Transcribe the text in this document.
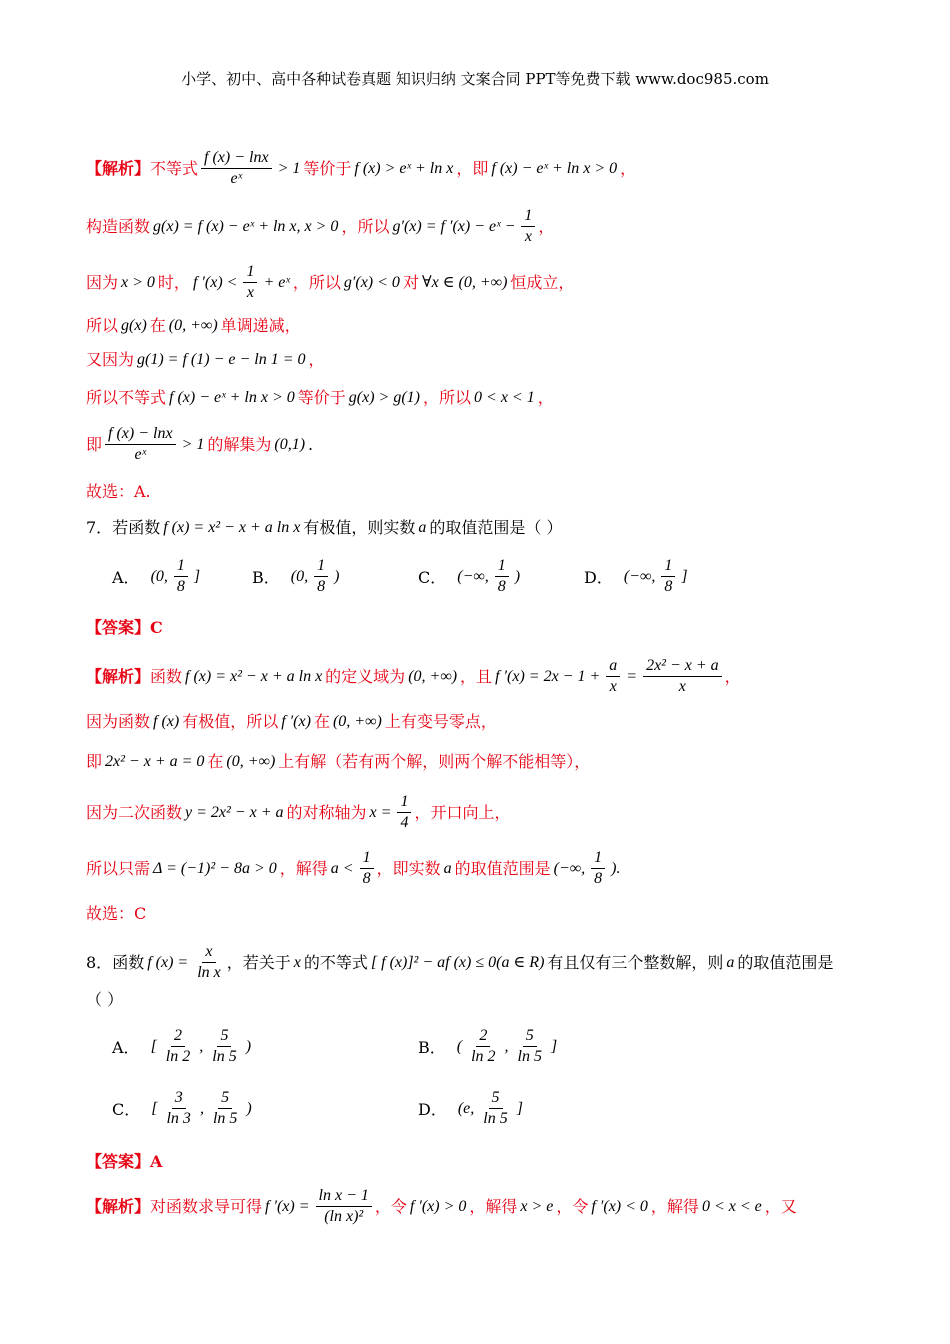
小学、初中、高中各种试卷真题 知识归纳 文案合同 PPT等免费下载 www.doc985.com
【解析】 不等式 $\frac{f (x) - \ln x}{\text{eˣ}} > 1$ 等价于 f (x) > eˣ + ln x ，即 f (x) − eˣ + ln x > 0 ，
构造函数 g(x) = f (x) − eˣ + ln x, x > 0 ，所以 g′(x) = f ′(x) − eˣ − $\frac{1}{x}$ ，
因为 x > 0 时， f $'(x) < \frac{1}{x}$ + eˣ ，所以 g′(x) < 0 对 ∀x ∈ (0, +∞) 恒成立，
所以 g(x) 在 (0, +∞) 单调递减，
又因为 g(1) = f (1) − e − ln 1 = 0 ，
所以不等式 f (x) − eˣ + ln x > 0 等价于 g(x) > g(1) ，所以 0 < x < 1 ，
即 $\frac{f (x) - \ln x}{\text{eˣ}} > 1$ 的解集为 (0,1) .
故选：A.
7． 若函数 f (x) = x² − x + a ln x 有极值，则实数 a 的取值范围是（ ）
A． (0, $\frac{1}{8}$ ]	B． (0, $\frac{1}{8}$ )	C． (−∞, $\frac{1}{8}$ )	D． (−∞, $\frac{1}{8}$ ]
【答案】C
【解析】 函数 f (x) = x² − x + a ln x 的定义域为 (0, +∞) ，且 f $'(x) = 2x - 1 + \frac{a}{x} = \frac{\text{2x² − x + a}}{x}$ ，
因为函数 f (x) 有极值，所以 f ′(x) 在 (0, +∞) 上有变号零点，
即 2x² − x + a = 0 在 (0, +∞) 上有解（若有两个解，则两个解不能相等），
因为二次函数 y = 2x² − x + a 的对称轴为 $x = \frac{1}{4}$ ，开口向上，
所以只需 Δ = (−1)² − 8a > 0 ，解得 $a < \frac{1}{8}$ ，即实数 a 的取值范围是 (−∞, $\frac{1}{8}$ ).
故选：C
8． 函数 f $(x) = \frac{x}{\text{ln x}}$ ，若关于 x 的不等式 [ f (x)]² − af (x) ≤ 0(a ∈ R) 有且仅有三个整数解，则 a 的取值范围是
（ ）
A． [ $\frac{2}{\ln 2}$ , $\frac{5}{\ln 5}$ )	B． ( $\frac{2}{\ln 2}$ , $\frac{5}{\ln 5}$ ]
C． [ $\frac{3}{\ln 3}$ , $\frac{5}{\ln 5}$ )	D． (e, $\frac{5}{\ln 5}$ ]
【答案】A
【解析】 对函数求导可得 f $'(x) = \frac{\text{ln x − 1}}{\text{(ln x)²}}$ ，令 f ′(x) > 0 ，解得 x > e ，令 f ′(x) < 0 ，解得 0 < x < e ，又
